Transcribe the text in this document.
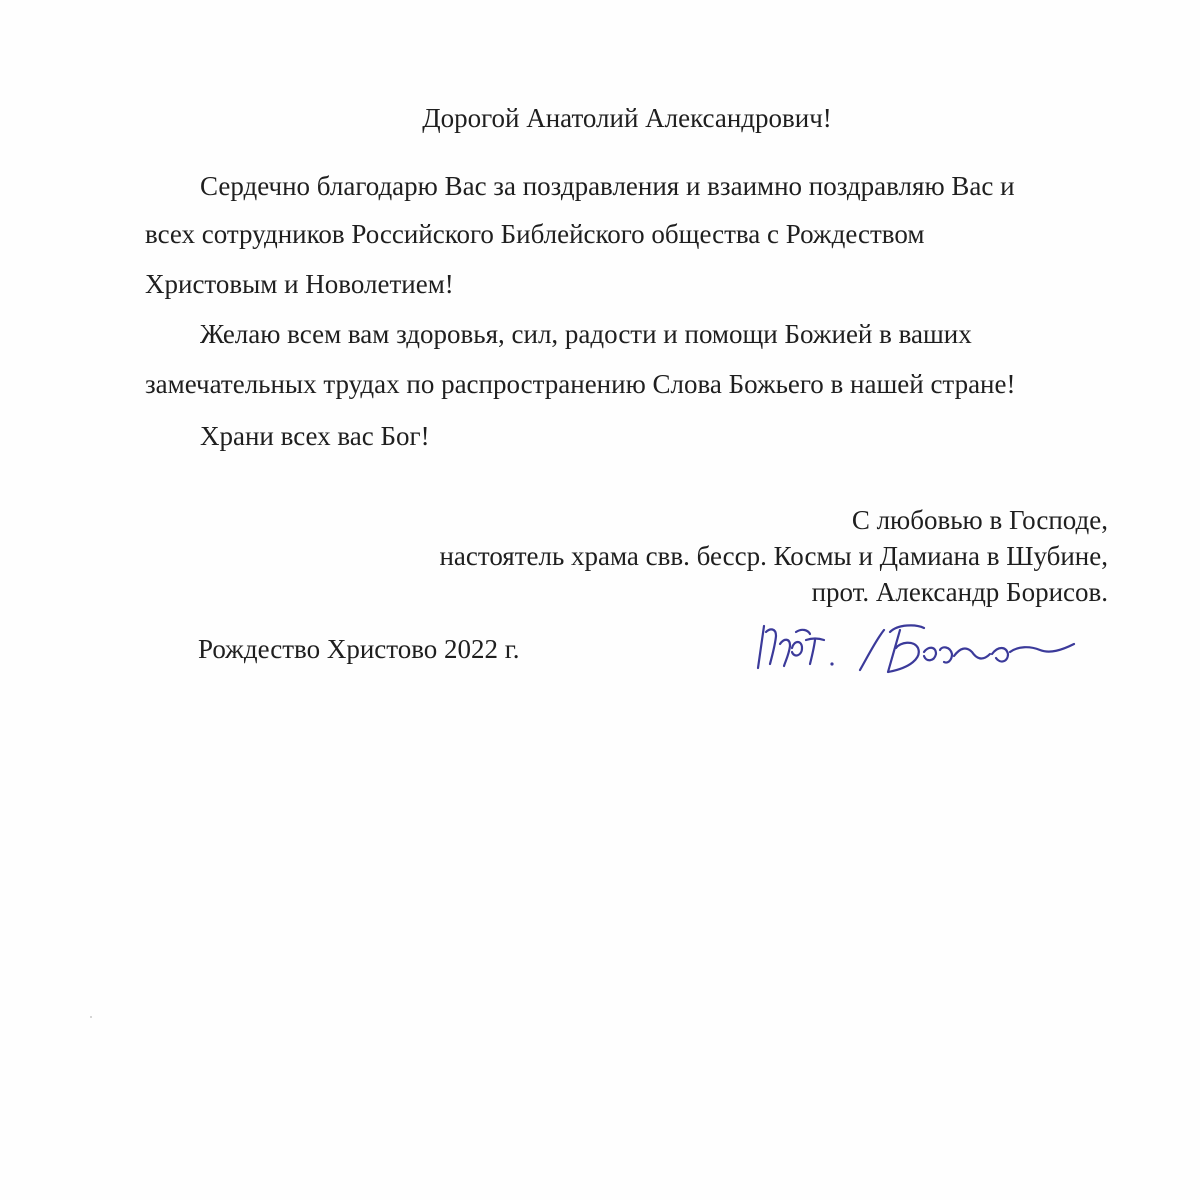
Дорогой Анатолий Александрович!
Сердечно благодарю Вас за поздравления и взаимно поздравляю Вас и
всех сотрудников Российского Библейского общества с Рождеством
Христовым и Новолетием!
Желаю всем вам здоровья, сил, радости и помощи Божией в ваших
замечательных трудах по распространению Слова Божьего в нашей стране!
Храни всех вас Бог!
С любовью в Господе,
настоятель храма свв. бесср. Космы и Дамиана в Шубине,
прот. Александр Борисов.
Рождество Христово 2022 г.
